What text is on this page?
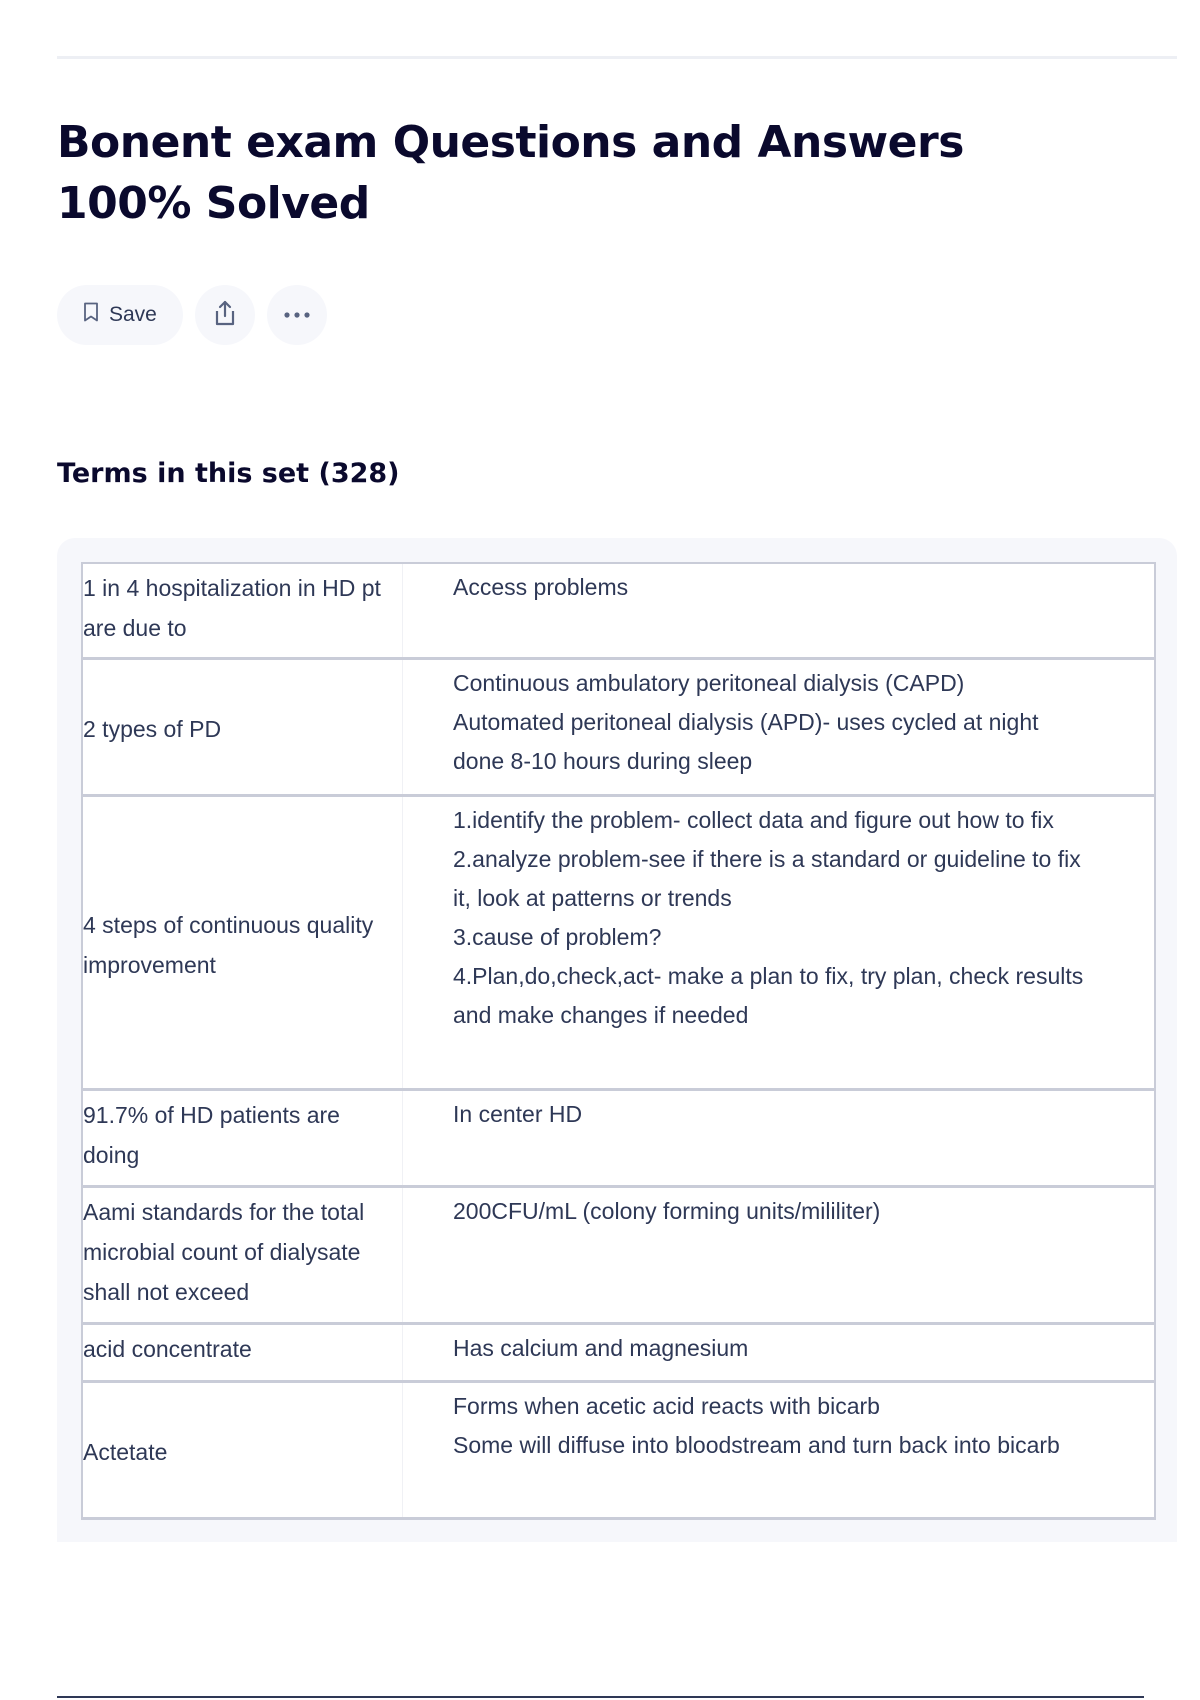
Bonent exam Questions and Answers 100% Solved
Save
Terms in this set (328)
1 in 4 hospitalization in HD pt are due to
Access problems
2 types of PD
Continuous ambulatory peritoneal dialysis (CAPD)
Automated peritoneal dialysis (APD)- uses cycled at night done 8-10 hours during sleep
4 steps of continuous quality improvement
1.identify the problem- collect data and figure out how to fix
2.analyze problem-see if there is a standard or guideline to fix it, look at patterns or trends
3.cause of problem?
4.Plan,do,check,act- make a plan to fix, try plan, check results and make changes if needed
91.7% of HD patients are doing
In center HD
Aami standards for the total microbial count of dialysate shall not exceed
200CFU/mL (colony forming units/mililiter)
acid concentrate	Has calcium and magnesium
Actetate
Forms when acetic acid reacts with bicarb
Some will diffuse into bloodstream and turn back into bicarb
